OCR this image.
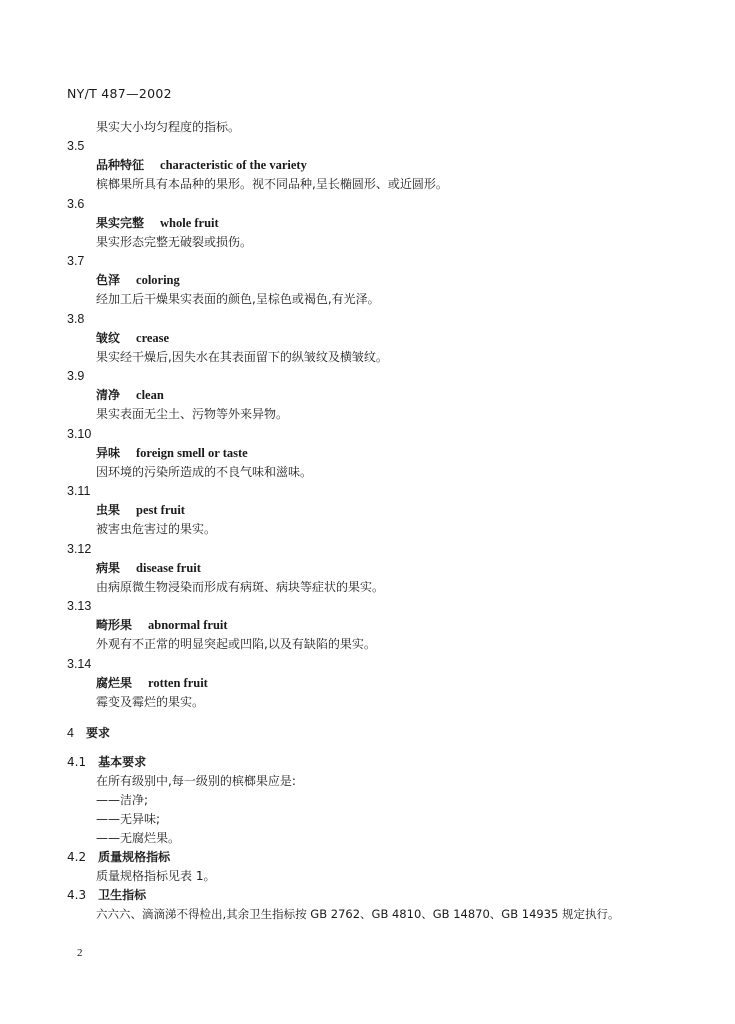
NY/T 487—2002
果实大小均匀程度的指标。
3.5
品种特征 characteristic of the variety
槟榔果所具有本品种的果形。视不同品种,呈长椭圆形、或近圆形。
3.6
果实完整 whole fruit
果实形态完整无破裂或损伤。
3.7
色泽 coloring
经加工后干燥果实表面的颜色,呈棕色或褐色,有光泽。
3.8
皱纹 crease
果实经干燥后,因失水在其表面留下的纵皱纹及横皱纹。
3.9
清净 clean
果实表面无尘土、污物等外来异物。
3.10
异味 foreign smell or taste
因环境的污染所造成的不良气味和滋味。
3.11
虫果 pest fruit
被害虫危害过的果实。
3.12
病果 disease fruit
由病原微生物浸染而形成有病斑、病块等症状的果实。
3.13
畸形果 abnormal fruit
外观有不正常的明显突起或凹陷,以及有缺陷的果实。
3.14
腐烂果 rotten fruit
霉变及霉烂的果实。
4 要求
4.1 基本要求
在所有级别中,每一级别的槟榔果应是:
——洁净;
——无异味;
——无腐烂果。
4.2 质量规格指标
质量规格指标见表 1。
4.3 卫生指标
六六六、滴滴涕不得检出,其余卫生指标按 GB 2762、GB 4810、GB 14870、GB 14935 规定执行。
2
